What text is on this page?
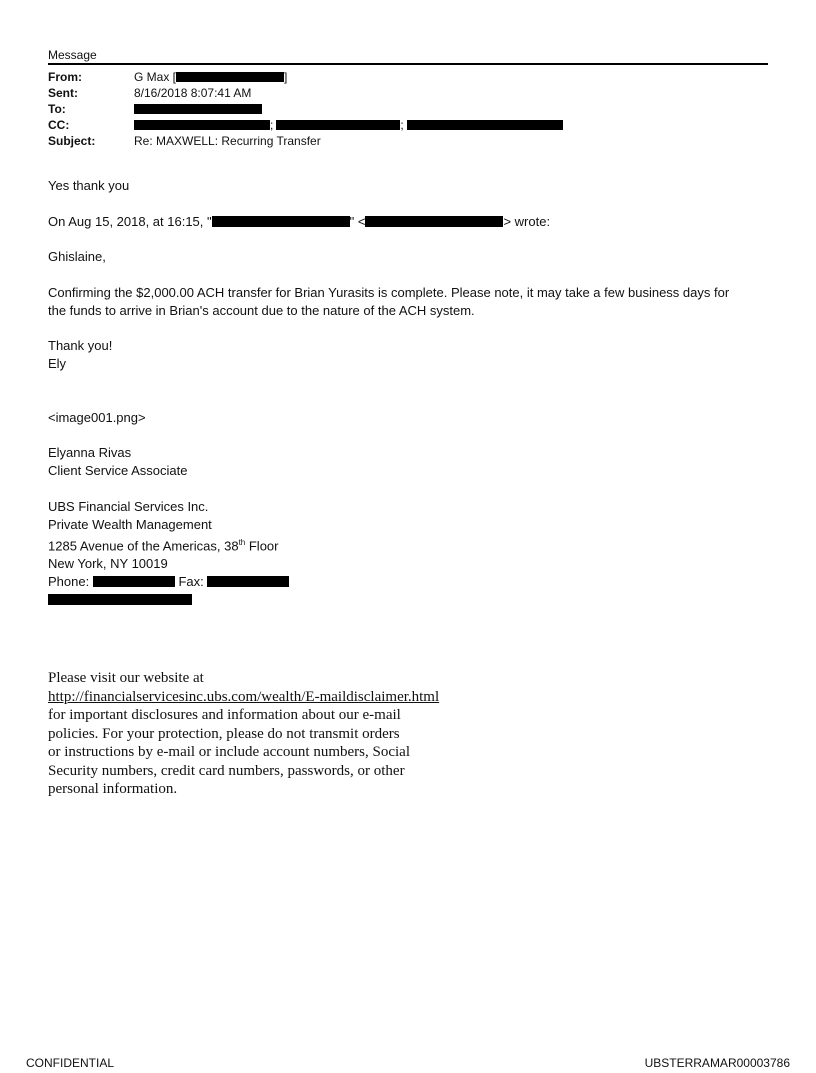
Message
From:	G Max [	]
Sent:	8/16/2018 8:07:41 AM
To:
CC:	;	;
Subject:	Re: MAXWELL: Recurring Transfer
Yes thank you
On Aug 15, 2018, at 16:15, "	" <	> wrote:
Ghislaine,
Confirming the $2,000.00 ACH transfer for Brian Yurasits is complete. Please note, it may take a few business days for
the funds to arrive in Brian's account due to the nature of the ACH system.
Thank you!
Ely
<image001.png>
Elyanna Rivas
Client Service Associate
UBS Financial Services Inc.
Private Wealth Management
1285 Avenue of the Americas, 38th Floor
New York, NY 10019
Phone:	Fax:
Please visit our website at
http://financialservicesinc.ubs.com/wealth/E-maildisclaimer.html
for important disclosures and information about our e-mail
policies. For your protection, please do not transmit orders
or instructions by e-mail or include account numbers, Social
Security numbers, credit card numbers, passwords, or other
personal information.
CONFIDENTIAL	UBSTERRAMAR00003786
